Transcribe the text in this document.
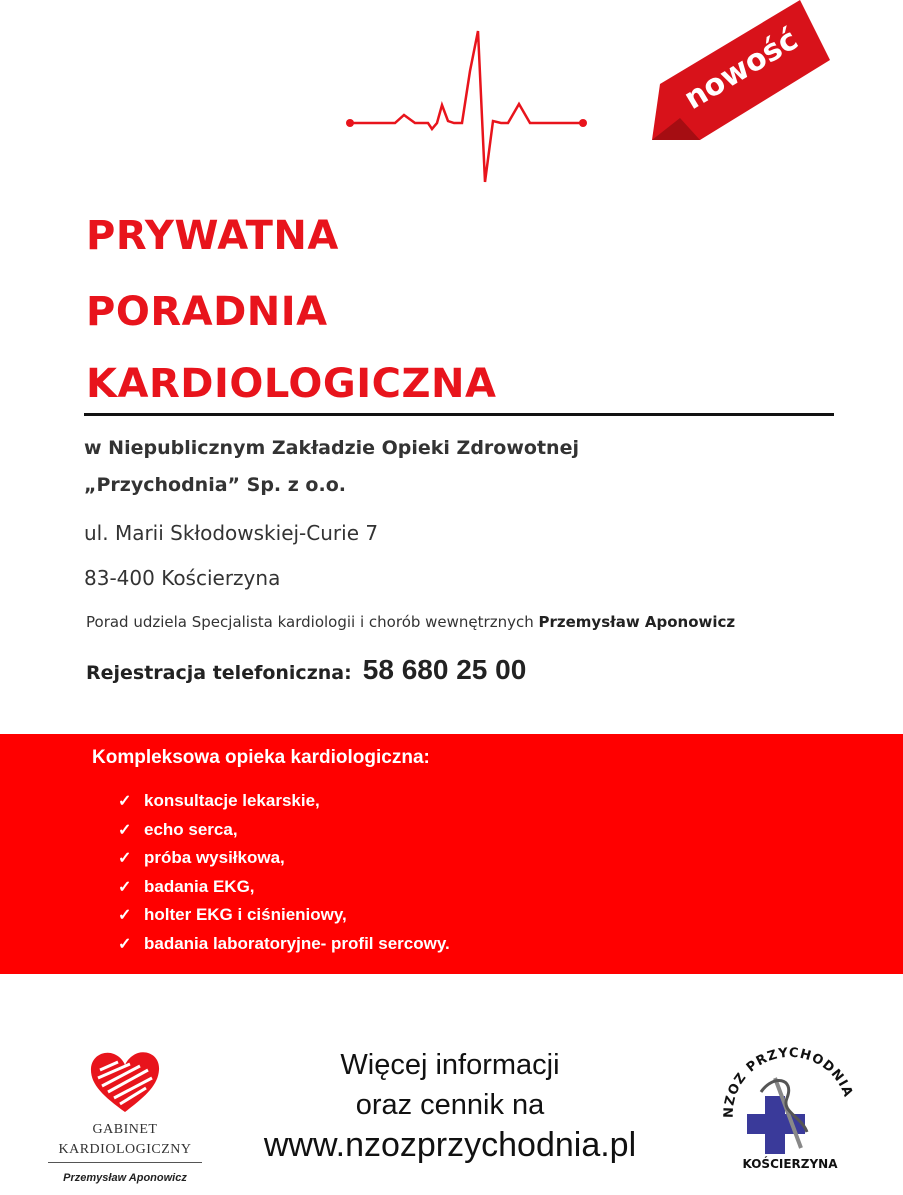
nowość
PRYWATNA
PORADNIA
KARDIOLOGICZNA
w Niepublicznym Zakładzie Opieki Zdrowotnej
„Przychodnia” Sp. z o.o.
ul. Marii Skłodowskiej-Curie 7
83-400 Kościerzyna
Porad udziela Specjalista kardiologii i chorób wewnętrznych Przemysław Aponowicz
Rejestracja telefoniczna: 58 680 25 00
Kompleksowa opieka kardiologiczna:
✓ konsultacje lekarskie,
✓ echo serca,
✓ próba wysiłkowa,
✓ badania EKG,
✓ holter EKG i ciśnieniowy,
✓ badania laboratoryjne- profil sercowy.
GABINET
KARDIOLOGICZNY
Przemysław Aponowicz
Więcej informacji
oraz cennik na
www.nzozprzychodnia.pl
NZOZ PRZYCHODNIA
KOŚCIERZYNA
